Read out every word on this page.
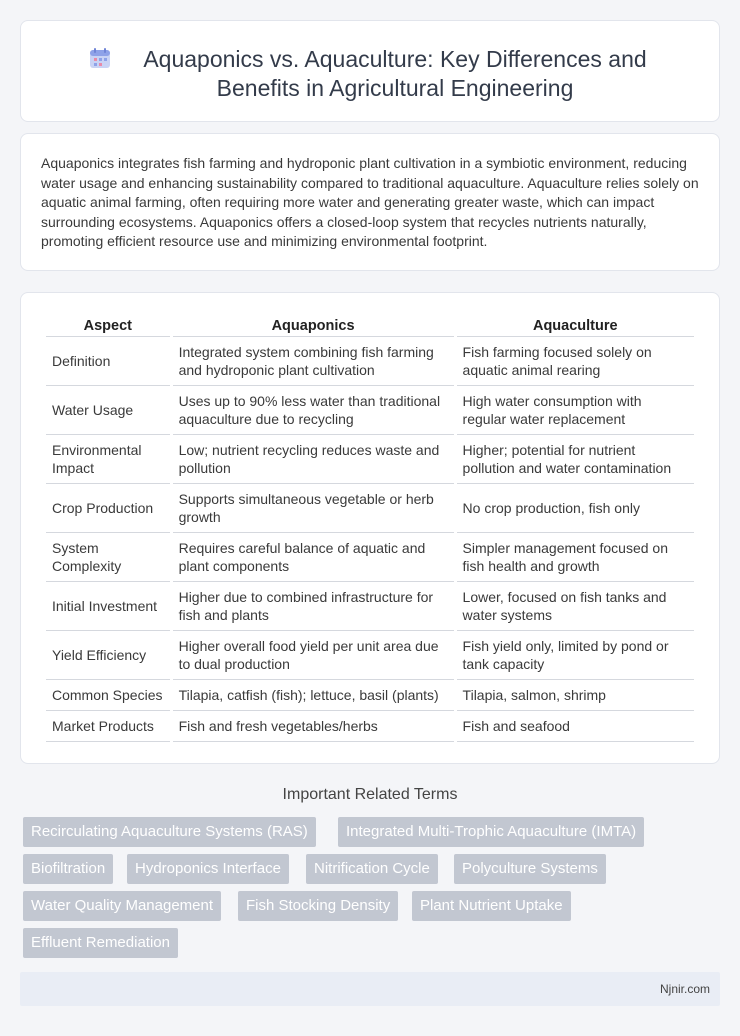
Aquaponics vs. Aquaculture: Key Differences and Benefits in Agricultural Engineering

Aquaponics integrates fish farming and hydroponic plant cultivation in a symbiotic environment, reducing water usage and enhancing sustainability compared to traditional aquaculture. Aquaculture relies solely on aquatic animal farming, often requiring more water and generating greater waste, which can impact surrounding ecosystems. Aquaponics offers a closed-loop system that recycles nutrients naturally, promoting efficient resource use and minimizing environmental footprint.

Aspect	Aquaponics	Aquaculture
Definition	Integrated system combining fish farming and hydroponic plant cultivation	Fish farming focused solely on aquatic animal rearing
Water Usage	Uses up to 90% less water than traditional aquaculture due to recycling	High water consumption with regular water replacement
Environmental Impact	Low; nutrient recycling reduces waste and pollution	Higher; potential for nutrient pollution and water contamination
Crop Production	Supports simultaneous vegetable or herb growth	No crop production, fish only
System Complexity	Requires careful balance of aquatic and plant components	Simpler management focused on fish health and growth
Initial Investment	Higher due to combined infrastructure for fish and plants	Lower, focused on fish tanks and water systems
Yield Efficiency	Higher overall food yield per unit area due to dual production	Fish yield only, limited by pond or tank capacity
Common Species	Tilapia, catfish (fish); lettuce, basil (plants)	Tilapia, salmon, shrimp
Market Products	Fish and fresh vegetables/herbs	Fish and seafood
Important Related Terms
Recirculating Aquaculture Systems (RAS)	Integrated Multi-Trophic Aquaculture (IMTA)
Biofiltration	Hydroponics Interface	Nitrification Cycle	Polyculture Systems
Water Quality Management	Fish Stocking Density	Plant Nutrient Uptake
Effluent Remediation
Njnir.com
